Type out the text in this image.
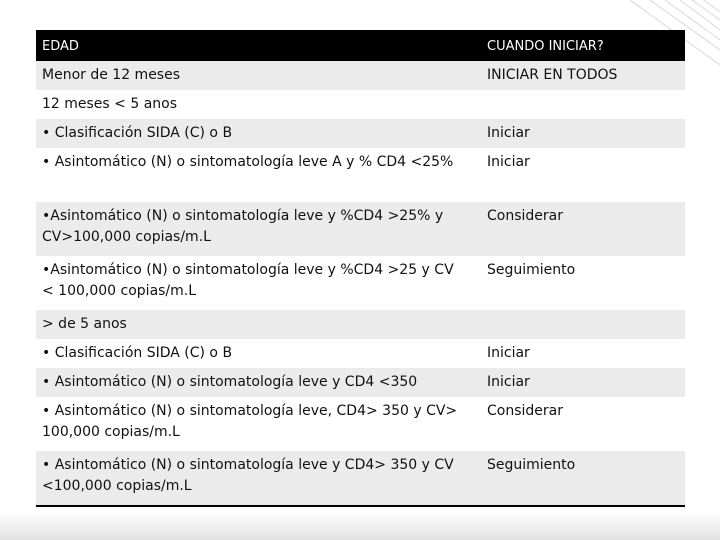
EDAD	CUANDO INICIAR?
Menor de 12 meses	INICIAR EN TODOS
12 meses < 5 anos	
• Clasificación SIDA (C) o B	Iniciar
• Asintomático (N) o sintomatología leve A y % CD4 <25%	Iniciar
•Asintomático (N) o sintomatología leve y %CD4 >25% y CV>100,000 copias/m.L	Considerar
•Asintomático (N) o sintomatología leve y %CD4 >25 y CV < 100,000 copias/m.L	Seguimiento
> de 5 anos	
• Clasificación SIDA (C) o B	Iniciar
• Asintomático (N) o sintomatología leve y CD4 <350	Iniciar
• Asintomático (N) o sintomatología leve, CD4> 350 y CV> 100,000 copias/m.L	Considerar
• Asintomático (N) o sintomatología leve y CD4> 350 y CV <100,000 copias/m.L	Seguimiento
